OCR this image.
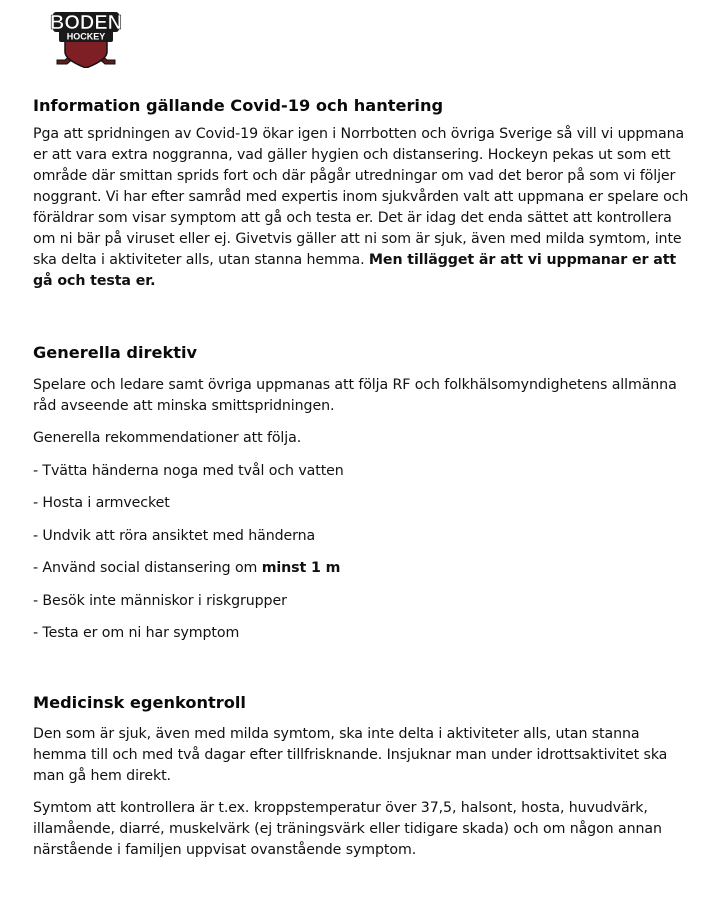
BODEN
HOCKEY
Information gällande Covid-19 och hantering

Pga att spridningen av Covid-19 ökar igen i Norrbotten och övriga Sverige så vill vi uppmana er att vara extra noggranna, vad gäller hygien och distansering. Hockeyn pekas ut som ett område där smittan sprids fort och där pågår utredningar om vad det beror på som vi följer noggrant. Vi har efter samråd med expertis inom sjukvården valt att uppmana er spelare och föräldrar som visar symptom att gå och testa er. Det är idag det enda sättet att kontrollera om ni bär på viruset eller ej. Givetvis gäller att ni som är sjuk, även med milda symtom, inte ska delta i aktiviteter alls, utan stanna hemma. Men tillägget är att vi uppmanar er att gå och testa er.

Generella direktiv

Spelare och ledare samt övriga uppmanas att följa RF och folkhälsomyndighetens allmänna råd avseende att minska smittspridningen.

Generella rekommendationer att följa.

- Tvätta händerna noga med tvål och vatten

- Hosta i armvecket

- Undvik att röra ansiktet med händerna

- Använd social distansering om minst 1 m

- Besök inte människor i riskgrupper

- Testa er om ni har symptom

Medicinsk egenkontroll

Den som är sjuk, även med milda symtom, ska inte delta i aktiviteter alls, utan stanna hemma till och med två dagar efter tillfrisknande. Insjuknar man under idrottsaktivitet ska man gå hem direkt.

Symtom att kontrollera är t.ex. kroppstemperatur över 37,5, halsont, hosta, huvudvärk, illamående, diarré, muskelvärk (ej träningsvärk eller tidigare skada) och om någon annan närstående i familjen uppvisat ovanstående symptom.
